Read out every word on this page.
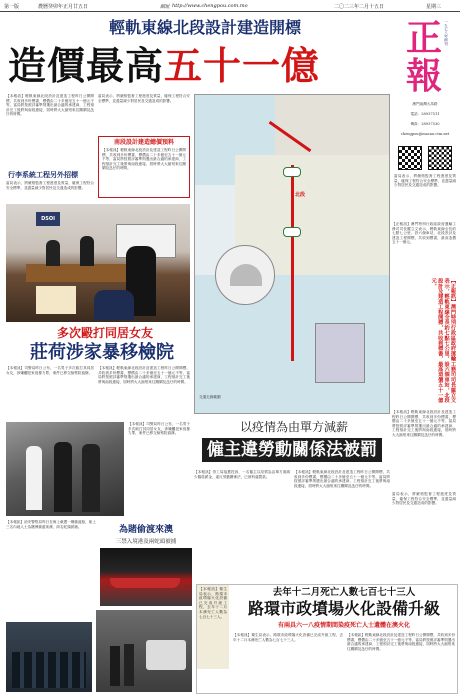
第一版	農曆癸卯年正月廿五日	網址 http://www.chengpou.com.mo	二〇二三年二月十五日	星期三
輕軌東線北段設計建造開標
造價最高五十一億
正
報
一九七八年創刊
澳門南灣大馬路
電話：28937511
傳真：28937530
chengpou@macau.ctm.net
當局表示，將嚴格監督工程進度及質量，確保工程符合安全標準，並盡量減少對居民及交通造成的影響。
【正報訊】澳門特別行政區政府運輸工務司司長羅立文表示，輕軌東線全長約七點七公里，設六個車站，北段設計及建造工程開標，共收到標書，最高造價五十一億元。
【正報訊】澳門特別行政區政府運輸工務司司長羅立文表示，輕軌東線全長約七點七公里，設六個車站，北段設計及建造工程開標，共收到標書，最高造價五十一億元。
【本報訊】輕軌東線北段設計及建造工程昨日公開開標，共收到多份標書，標價由二十多億至五十一億元不等，當局將按照評審準則選出最合適的承建商，工程預計完工後將與南段連接，屆時將大大縮短來往關閘及氹仔的時間。
【本報訊】輕軌東線北段設計及建造工程昨日公開開標，共收到多份標書，標價由二十多億至五十一億元不等，當局將按照評審準則選出最合適的承建商，工程預計完工後將與南段連接，屆時將大大縮短來往關閘及氹仔的時間。
當局表示，將嚴格監督工程進度及質量，確保工程符合安全標準，並盡量減少對居民及交通造成的影響。
南段設計建造總價預料
【本報訊】輕軌東線北段設計及建造工程昨日公開開標，共收到多份標書，標價由二十多億至五十一億元不等，當局將按照評審準則選出最合適的承建商，工程預計完工後將與南段連接，屆時將大大縮短來往關閘及氹仔的時間。
行李系統工程另外招標
當局表示，將嚴格監督工程進度及質量，確保工程符合安全標準，並盡量減少對居民及交通造成的影響。
DSOI
北段
交通走廊範圍
多次毆打同居女友
莊荷涉家暴移檢院
【本報訊】司警局昨日公布，一名男子多次毆打其同居女友，涉嫌觸犯家庭暴力罪，案件已移交檢察院偵辦。
【本報訊】輕軌東線北段設計及建造工程昨日公開開標，共收到多份標書，標價由二十多億至五十一億元不等，當局將按照評審準則選出最合適的承建商，工程預計完工後將與南段連接，屆時將大大縮短來往關閘及氹仔的時間。
【本報訊】司警局昨日公布，一名男子多次毆打其同居女友，涉嫌觸犯家庭暴力罪，案件已移交檢察院偵辦。	以疫情為由單方減薪
僱主違勞動關係法被罰
【本報訊】勞工局接獲投訴，一名僱主以疫情為由單方面減少僱員薪金，違反勞動關係法，已被科處罰款。
【本報訊】輕軌東線北段設計及建造工程昨日公開開標，共收到多份標書，標價由二十多億至五十一億元不等，當局將按照評審準則選出最合適的承建商，工程預計完工後將與南段連接，屆時將大大縮短來往關閘及氹仔的時間。
當局表示，將嚴格監督工程進度及質量，確保工程符合安全標準，並盡量減少對居民及交通造成的影響。
【本報訊】治安警察局昨日在海上截獲一艘偷渡船，船上三名內地人士為賭博偷渡來澳，兩名蛇頭被捕。	為賭偷渡來澳
三禁入境港及兩蛇頭被捕
【本報訊】衛生局表示，路環市政墳場火化設備已完成升級工程，去年十二月本澳死亡人數為七百七十三人。
去年十二月死亡人數七百七十三人
路環市政墳場火化設備升級
有兩具六一八疫情期間染疫死亡人士遺體在澳火化
【本報訊】衛生局表示，路環市政墳場火化設備已完成升級工程，去年十二月本澳死亡人數為七百七十三人。
【本報訊】輕軌東線北段設計及建造工程昨日公開開標，共收到多份標書，標價由二十多億至五十一億元不等，當局將按照評審準則選出最合適的承建商，工程預計完工後將與南段連接，屆時將大大縮短來往關閘及氹仔的時間。
